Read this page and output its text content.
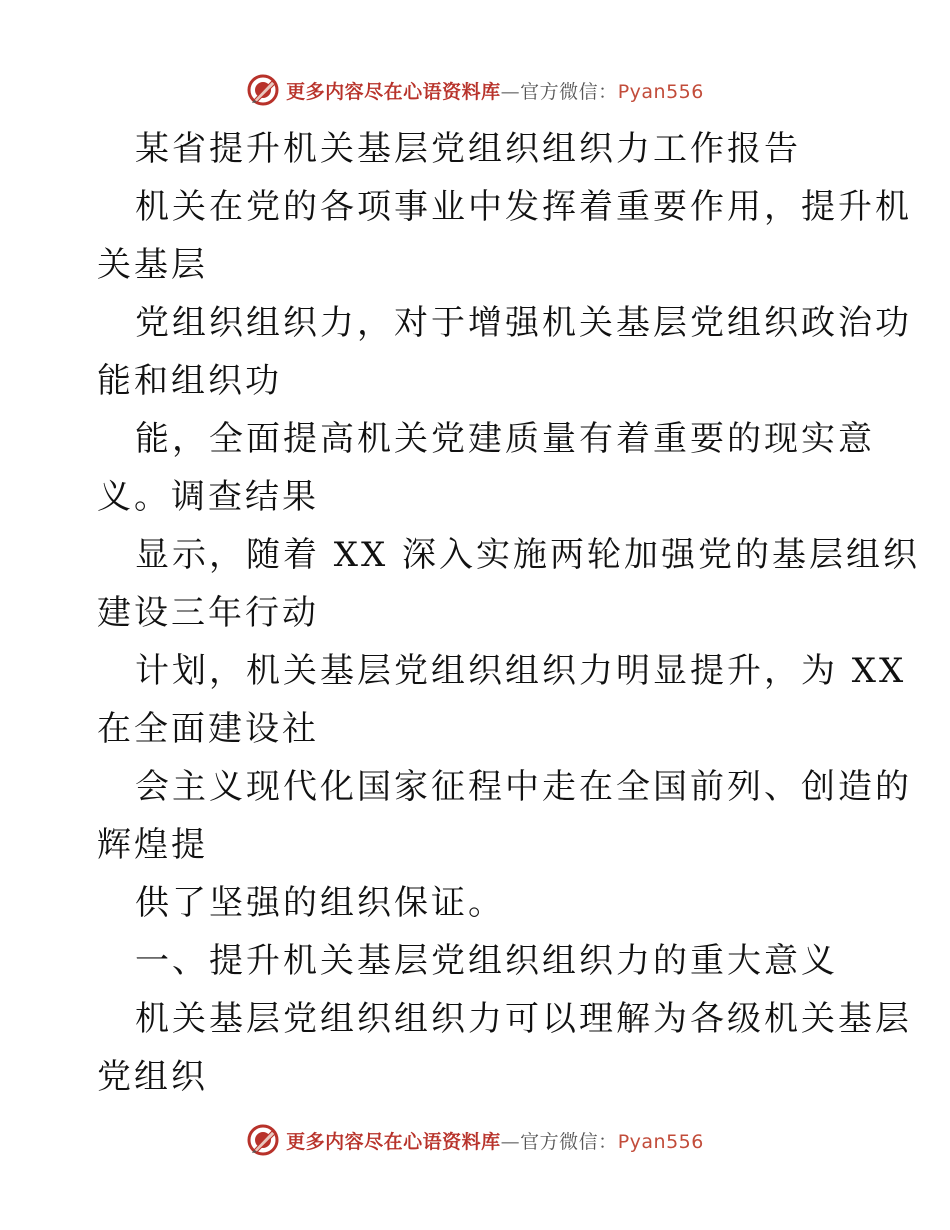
更多内容尽在心语资料库—官方微信：Pyan556
某省提升机关基层党组织组织力工作报告
机关在党的各项事业中发挥着重要作用，提升机
关基层
党组织组织力，对于增强机关基层党组织政治功
能和组织功
能，全面提高机关党建质量有着重要的现实意
义。调查结果
显示，随着 XX 深入实施两轮加强党的基层组织
建设三年行动
计划，机关基层党组织组织力明显提升，为 XX
在全面建设社
会主义现代化国家征程中走在全国前列、创造的
辉煌提
供了坚强的组织保证。
一、提升机关基层党组织组织力的重大意义
机关基层党组织组织力可以理解为各级机关基层
党组织
更多内容尽在心语资料库—官方微信：Pyan556
